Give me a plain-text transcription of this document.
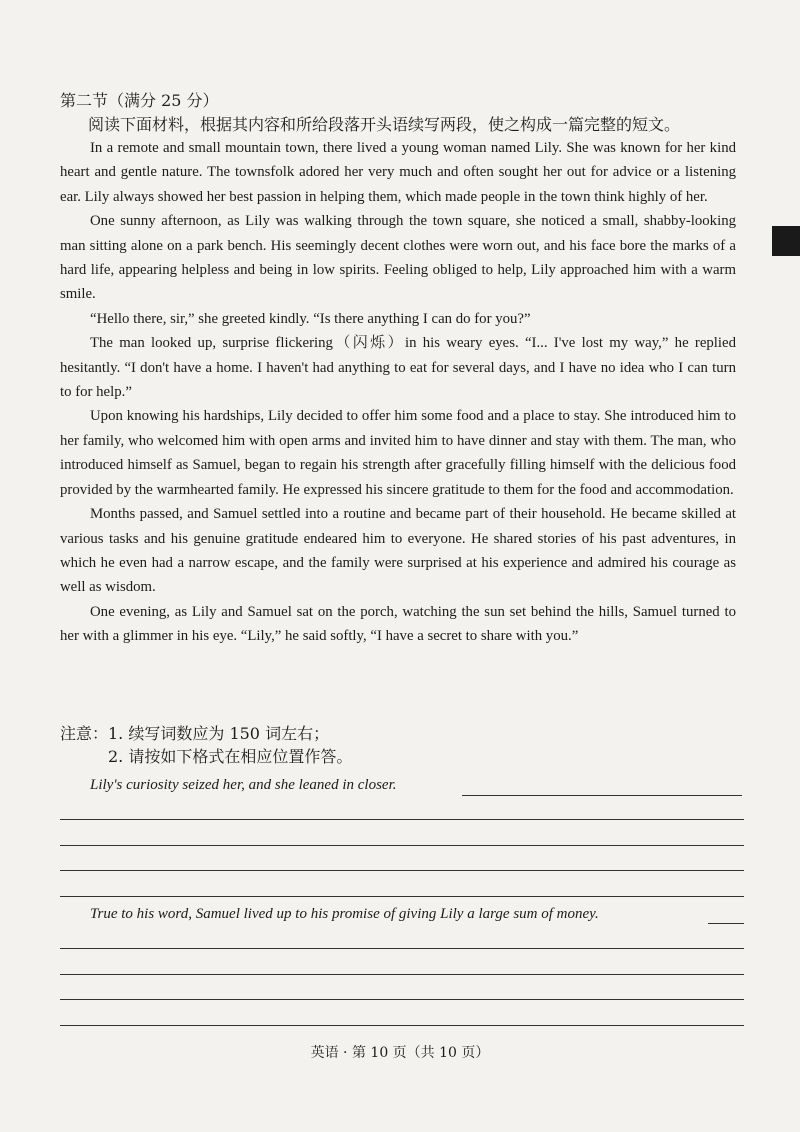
第二节（满分 25 分）
阅读下面材料，根据其内容和所给段落开头语续写两段，使之构成一篇完整的短文。

In a remote and small mountain town, there lived a young woman named Lily. She was known for her kind heart and gentle nature. The townsfolk adored her very much and often sought her out for advice or a listening ear. Lily always showed her best passion in helping them, which made people in the town think highly of her.

One sunny afternoon, as Lily was walking through the town square, she noticed a small, shabby-looking man sitting alone on a park bench. His seemingly decent clothes were worn out, and his face bore the marks of a hard life, appearing helpless and being in low spirits. Feeling obliged to help, Lily approached him with a warm smile.

“Hello there, sir,” she greeted kindly. “Is there anything I can do for you?”

The man looked up, surprise flickering（闪烁）in his weary eyes. “I... I've lost my way,” he replied hesitantly. “I don't have a home. I haven't had anything to eat for several days, and I have no idea who I can turn to for help.”

Upon knowing his hardships, Lily decided to offer him some food and a place to stay. She introduced him to her family, who welcomed him with open arms and invited him to have dinner and stay with them. The man, who introduced himself as Samuel, began to regain his strength after gracefully filling himself with the delicious food provided by the warmhearted family. He expressed his sincere gratitude to them for the food and accommodation.

Months passed, and Samuel settled into a routine and became part of their household. He became skilled at various tasks and his genuine gratitude endeared him to everyone. He shared stories of his past adventures, in which he even had a narrow escape, and the family were surprised at his experience and admired his courage as well as wisdom.

One evening, as Lily and Samuel sat on the porch, watching the sun set behind the hills, Samuel turned to her with a glimmer in his eye. “Lily,” he said softly, “I have a secret to share with you.”

注意：1. 续写词数应为 150 词左右；
2. 请按如下格式在相应位置作答。
Lily's curiosity seized her, and she leaned in closer.
True to his word, Samuel lived up to his promise of giving Lily a large sum of money.
英语 · 第 10 页（共 10 页）
